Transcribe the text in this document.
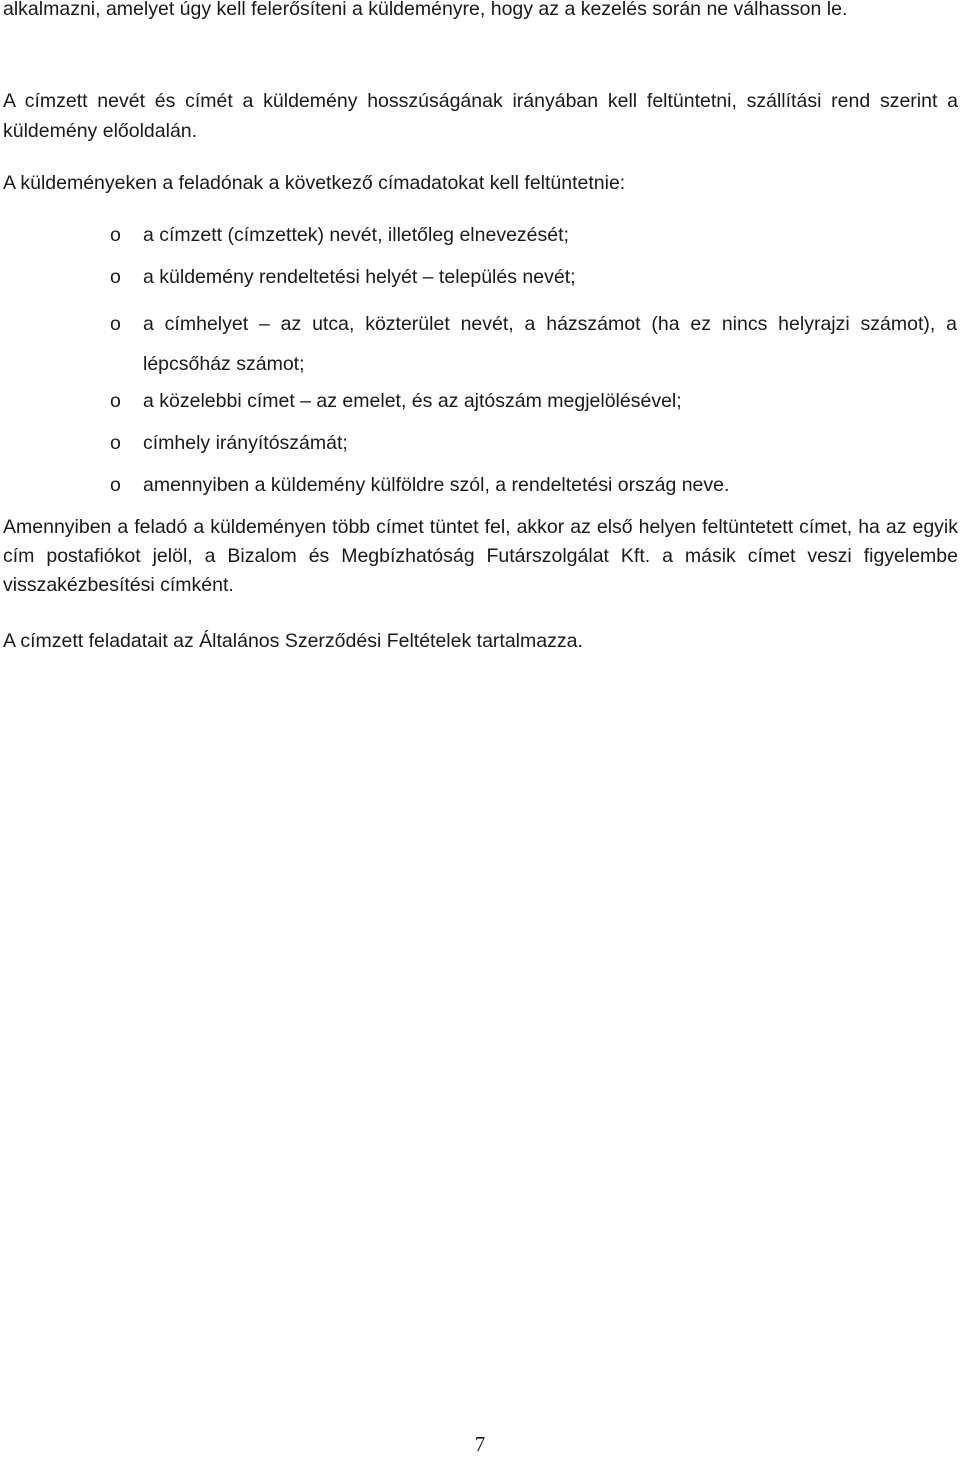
alkalmazni, amelyet úgy kell felerősíteni a küldeményre, hogy az a kezelés során ne válhasson le.

A címzett nevét és címét a küldemény hosszúságának irányában kell feltüntetni, szállítási rend szerint a küldemény előoldalán.

A küldeményeken a feladónak a következő címadatokat kell feltüntetnie:

o a címzett (címzettek) nevét, illetőleg elnevezését;
o a küldemény rendeltetési helyét – település nevét;
o a címhelyet – az utca, közterület nevét, a házszámot (ha ez nincs helyrajzi számot), a lépcsőház számot;
o a közelebbi címet – az emelet, és az ajtószám megjelölésével;
o címhely irányítószámát;
o amennyiben a küldemény külföldre szól, a rendeltetési ország neve.

Amennyiben a feladó a küldeményen több címet tüntet fel, akkor az első helyen feltüntetett címet, ha az egyik cím postafiókot jelöl, a Bizalom és Megbízhatóság Futárszolgálat Kft. a másik címet veszi figyelembe visszakézbesítési címként.

A címzett feladatait az Általános Szerződési Feltételek tartalmazza.

7
